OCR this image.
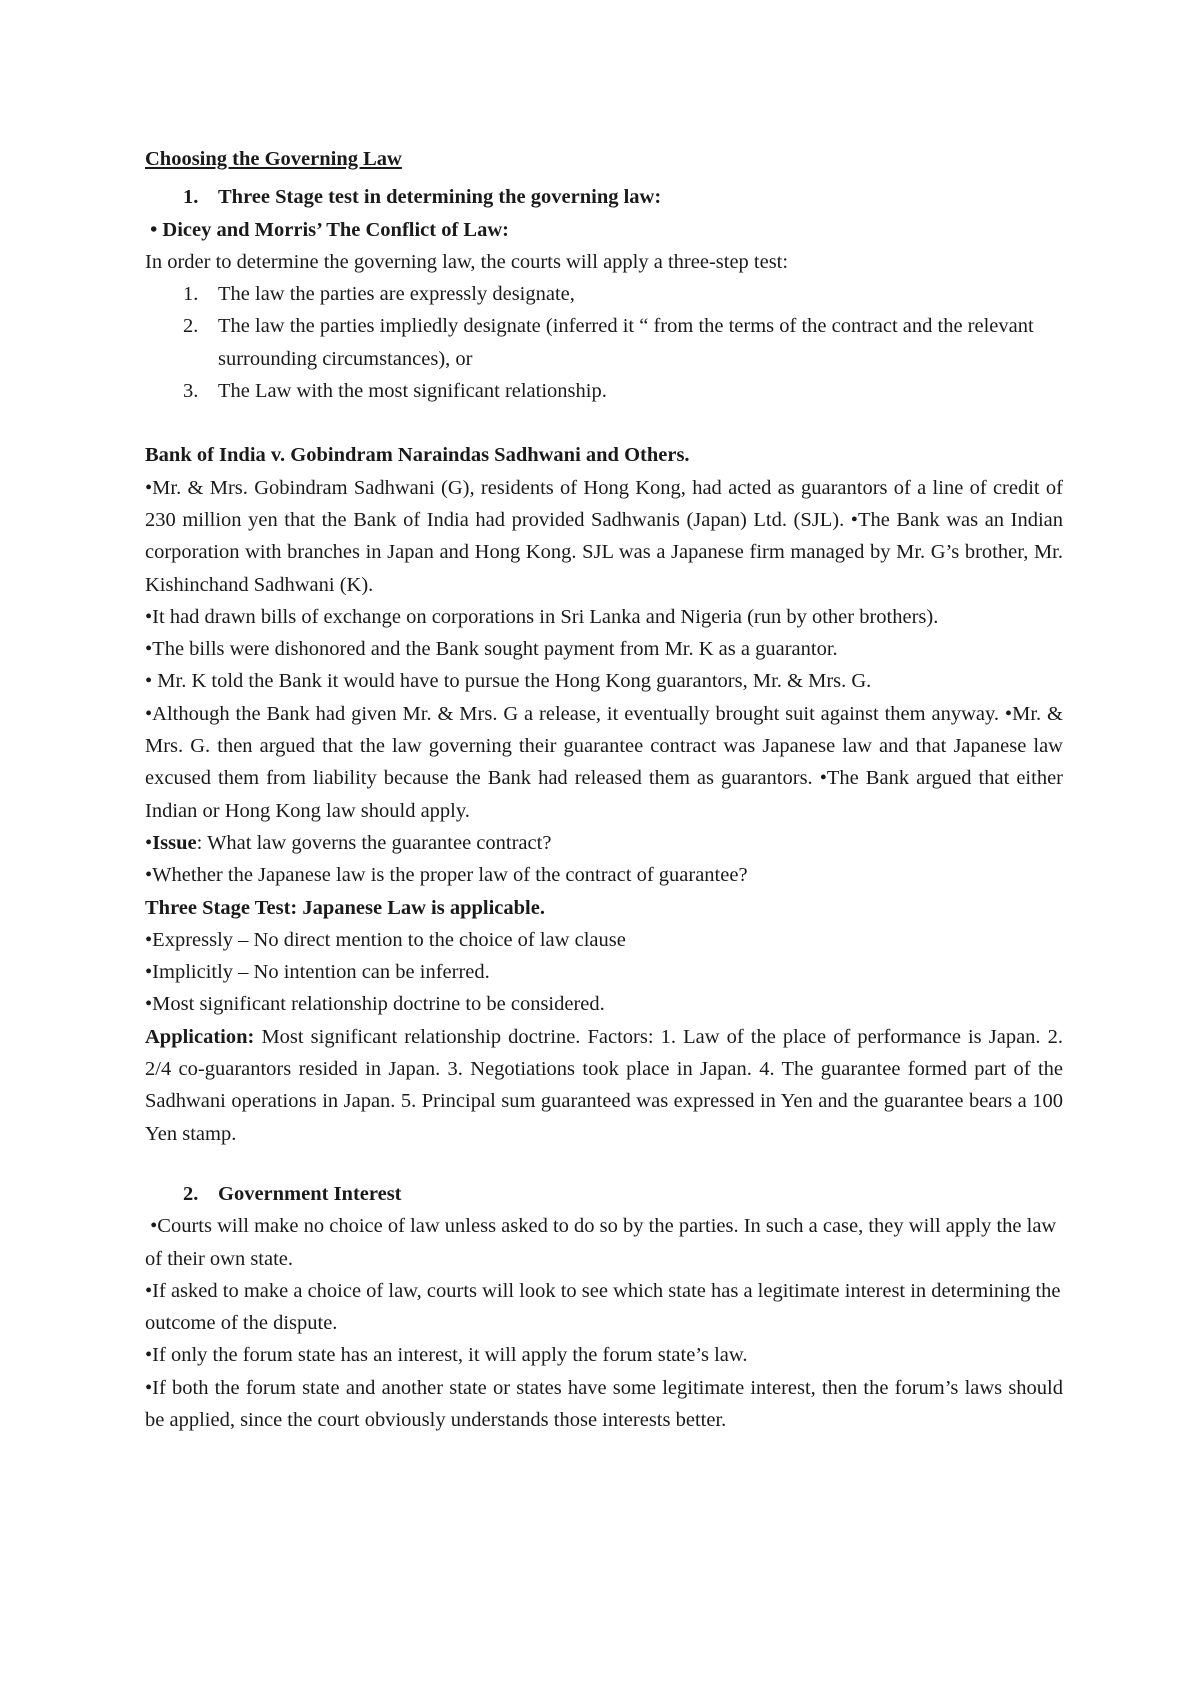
Choosing the Governing Law

1. Three Stage test in determining the governing law:

• Dicey and Morris’ The Conflict of Law:

In order to determine the governing law, the courts will apply a three-step test:

1. The law the parties are expressly designate,
2. The law the parties impliedly designate (inferred it “ from the terms of the contract and the relevant surrounding circumstances), or
3. The Law with the most significant relationship.

Bank of India v. Gobindram Naraindas Sadhwani and Others.

•Mr. & Mrs. Gobindram Sadhwani (G), residents of Hong Kong, had acted as guarantors of a line of credit of 230 million yen that the Bank of India had provided Sadhwanis (Japan) Ltd. (SJL). •The Bank was an Indian corporation with branches in Japan and Hong Kong. SJL was a Japanese firm managed by Mr. G’s brother, Mr. Kishinchand Sadhwani (K).

•It had drawn bills of exchange on corporations in Sri Lanka and Nigeria (run by other brothers).

•The bills were dishonored and the Bank sought payment from Mr. K as a guarantor.

• Mr. K told the Bank it would have to pursue the Hong Kong guarantors, Mr. & Mrs. G.

•Although the Bank had given Mr. & Mrs. G a release, it eventually brought suit against them anyway. •Mr. & Mrs. G. then argued that the law governing their guarantee contract was Japanese law and that Japanese law excused them from liability because the Bank had released them as guarantors. •The Bank argued that either Indian or Hong Kong law should apply.

•Issue: What law governs the guarantee contract?

•Whether the Japanese law is the proper law of the contract of guarantee?

Three Stage Test: Japanese Law is applicable.

•Expressly – No direct mention to the choice of law clause

•Implicitly – No intention can be inferred.

•Most significant relationship doctrine to be considered.

Application: Most significant relationship doctrine. Factors: 1. Law of the place of performance is Japan. 2. 2/4 co-guarantors resided in Japan. 3. Negotiations took place in Japan. 4. The guarantee formed part of the Sadhwani operations in Japan. 5. Principal sum guaranteed was expressed in Yen and the guarantee bears a 100 Yen stamp.

2. Government Interest

•Courts will make no choice of law unless asked to do so by the parties. In such a case, they will apply the law of their own state.

•If asked to make a choice of law, courts will look to see which state has a legitimate interest in determining the outcome of the dispute.

•If only the forum state has an interest, it will apply the forum state’s law.

•If both the forum state and another state or states have some legitimate interest, then the forum’s laws should be applied, since the court obviously understands those interests better.
